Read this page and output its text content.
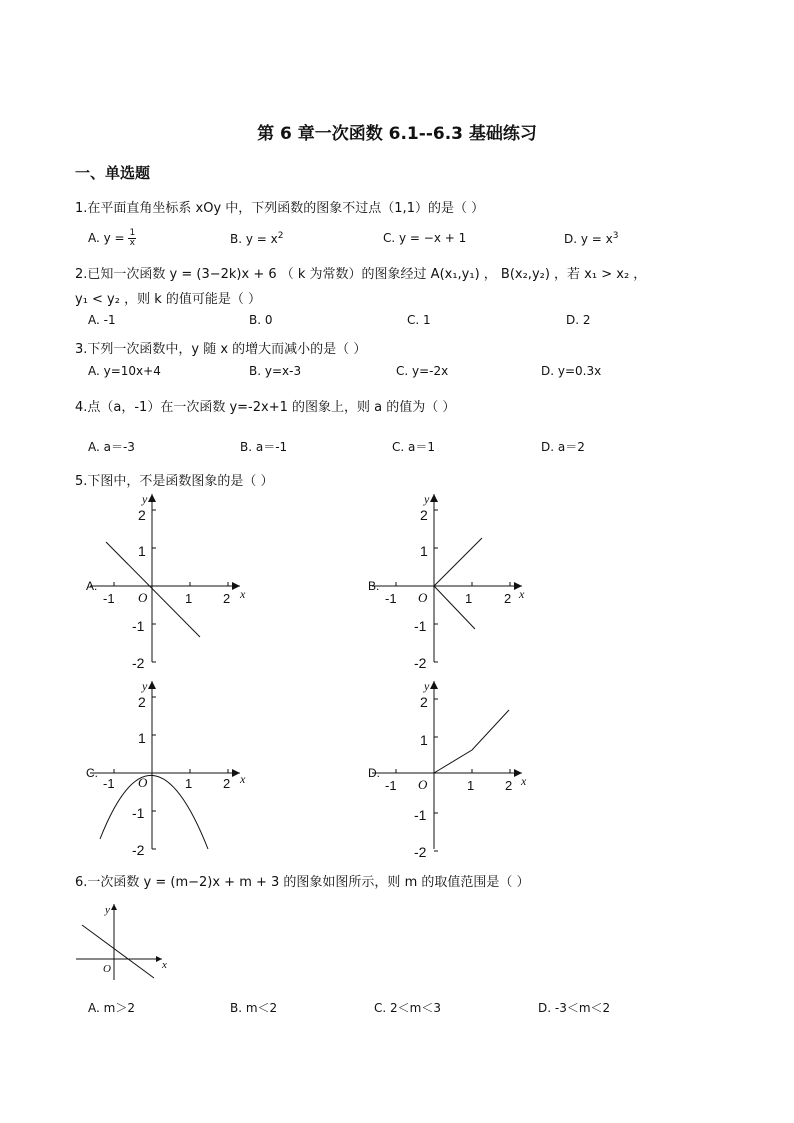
第 6 章一次函数 6.1--6.3 基础练习
一、单选题
1.在平面直角坐标系 xOy 中，下列函数的图象不过点（1,1）的是（ ）
A. $y = \frac{1}{x}$	B. $y = x^2$	C. y = −x + 1	D. $y = x^3$
2.已知一次函数 y = (3−2k)x + 6 （ k 为常数）的图象经过 A(x₁,y₁) ， B(x₂,y₂) ，若 x₁ > x₂ ，
y₁ < y₂ ，则 k 的值可能是（ ）
A. -1	B. 0	C. 1	D. 2
3.下列一次函数中，y 随 x 的增大而减小的是（ ）
A. y=10x+4	B. y=x-3	C. y=-2x	D. y=0.3x
4.点（a，-1）在一次函数 y=-2x+1 的图象上，则 a 的值为（ ）
A. a＝-3	B. a＝-1	C. a＝1	D. a＝2
5.下图中，不是函数图象的是（ ）
A.
-1 O	1 2 x
y
2
1
-1
-2
B.
-1 O	1 2 x
y
2
1
-1
-2
C.
-1 O	1 2 x
y
2
1
-1
-2
D.
-1 O	1 2 x
y
2
1
-1
-2
6.一次函数 y = (m−2)x + m + 3 的图象如图所示，则 m 的取值范围是（ ）
y
x
O
A. m＞2	B. m＜2	C. 2＜m＜3	D. -3＜m＜2
